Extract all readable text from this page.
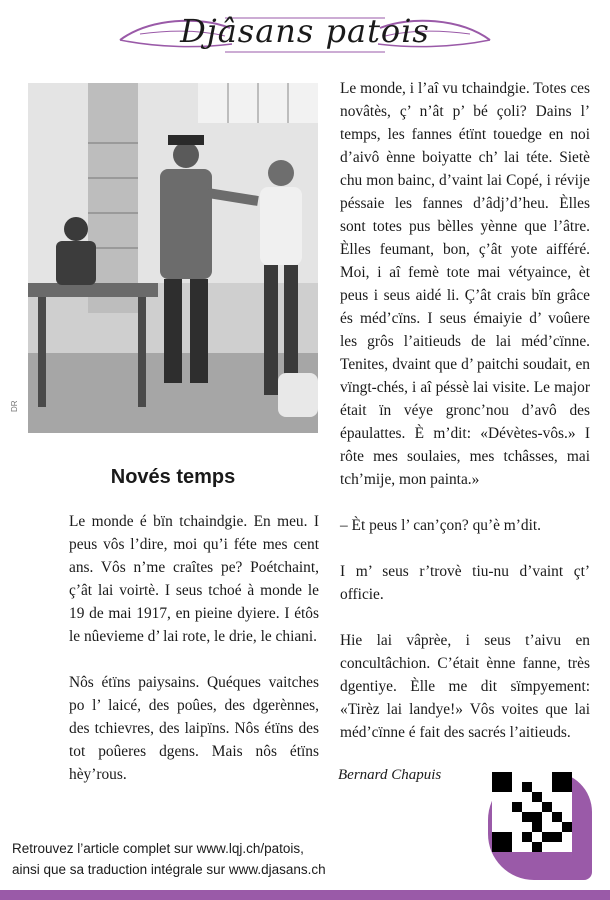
Djâsans patois
DR
Novés temps

Le monde é bïn tchaindgie. En meu. I peus vôs l’dire, moi qu’i féte mes cent ans. Vôs n’me craîtes pe? Poétchaint, ç’ât lai voirtè. I seus tchoé à monde le 19 de mai 1917, en pieine dyiere. I étôs le nûevieme d’ lai rote, le drie, le chiani.

Nôs étïns paiysains. Quéques vaitches po l’ laicé, des poûes, des dgerènnes, des tchievres, des laipïns. Nôs étïns des tot poûeres dgens. Mais nôs étïns hèy’rous.

Le monde, i l’aî vu tchaindgie. Totes ces novâtès, ç’ n’ât p’ bé çoli? Dains l’ temps, les fannes étïnt touedge en noi d’aivô ènne boiyatte ch’ lai téte. Sietè chu mon bainc, d’vaint lai Copé, i révije péssaie les fannes d’âdj’d’heu. Èlles sont totes pus bèlles yènne que l’âtre. Èlles feumant, bon, ç’ât yote aifféré. Moi, i aî femè tote mai vétyaince, èt peus i seus aidé li. Ç’ât crais bïn grâce és méd’cïns. I seus émaiyie d’ voûere les grôs l’aitieuds de lai méd’cïnne. Tenites, dvaint que d’ paitchi soudait, en vïngt-chés, i aî péssè lai visite. Le major était ïn véye gronc’nou d’avô des épaulattes. È m’dit: «Dévètes-vôs.» I rôte mes soulaies, mes tchâsses, mai tch’mije, mon painta.»

– Èt peus l’ can’çon? qu’è m’dit.

I m’ seus r’trovè tiu-nu d’vaint çt’ officie.

Hie lai vâprèe, i seus t’aivu en concultâchion. C’était ènne fanne, très dgentiye. Èlle me dit sïmpyement: «Tirèz lai landye!» Vôs voites que lai méd’cïnne é fait des sacrés l’aitieuds.

Bernard Chapuis
Retrouvez l’article complet sur www.lqj.ch/patois,
ainsi que sa traduction intégrale sur www.djasans.ch
